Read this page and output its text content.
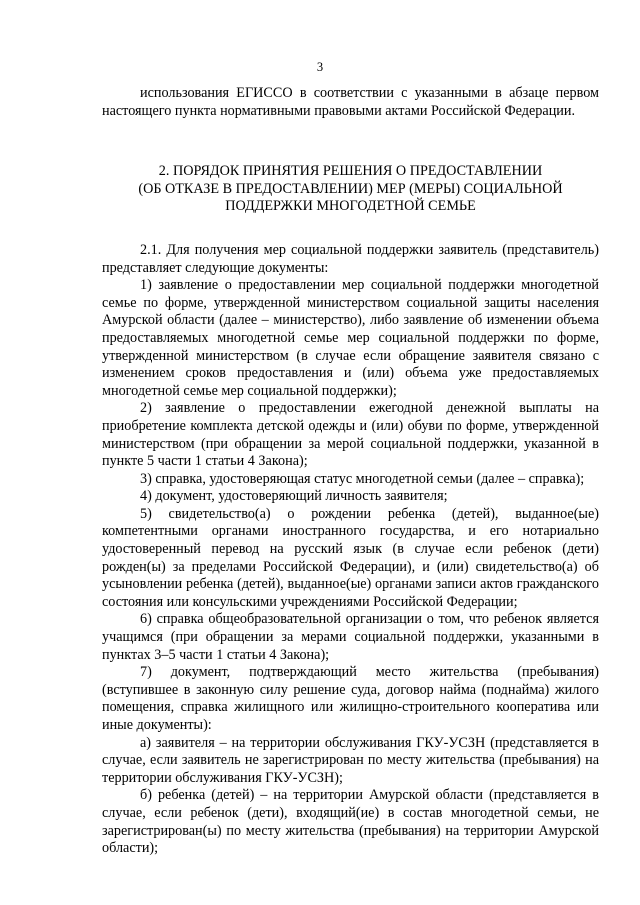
3

использования ЕГИССО в соответствии с указанными в абзаце первом настоящего пункта нормативными правовыми актами Российской Федерации.

2. ПОРЯДОК ПРИНЯТИЯ РЕШЕНИЯ О ПРЕДОСТАВЛЕНИИ
(ОБ ОТКАЗЕ В ПРЕДОСТАВЛЕНИИ) МЕР (МЕРЫ) СОЦИАЛЬНОЙ
ПОДДЕРЖКИ МНОГОДЕТНОЙ СЕМЬЕ

2.1. Для получения мер социальной поддержки заявитель (представитель) представляет следующие документы:

1) заявление о предоставлении мер социальной поддержки многодетной семье по форме, утвержденной министерством социальной защиты населения Амурской области (далее – министерство), либо заявление об изменении объема предоставляемых многодетной семье мер социальной поддержки по форме, утвержденной министерством (в случае если обращение заявителя связано с изменением сроков предоставления и (или) объема уже предоставляемых многодетной семье мер социальной поддержки);

2) заявление о предоставлении ежегодной денежной выплаты на приобретение комплекта детской одежды и (или) обуви по форме, утвержденной министерством (при обращении за мерой социальной поддержки, указанной в пункте 5 части 1 статьи 4 Закона);

3) справка, удостоверяющая статус многодетной семьи (далее – справка);

4) документ, удостоверяющий личность заявителя;

5) свидетельство(а) о рождении ребенка (детей), выданное(ые) компетентными органами иностранного государства, и его нотариально удостоверенный перевод на русский язык (в случае если ребенок (дети) рожден(ы) за пределами Российской Федерации), и (или) свидетельство(а) об усыновлении ребенка (детей), выданное(ые) органами записи актов гражданского состояния или консульскими учреждениями Российской Федерации;

6) справка общеобразовательной организации о том, что ребенок является учащимся (при обращении за мерами социальной поддержки, указанными в пунктах 3–5 части 1 статьи 4 Закона);

7) документ, подтверждающий место жительства (пребывания) (вступившее в законную силу решение суда, договор найма (поднайма) жилого помещения, справка жилищного или жилищно-строительного кооператива или иные документы):

а) заявителя – на территории обслуживания ГКУ-УСЗН (представляется в случае, если заявитель не зарегистрирован по месту жительства (пребывания) на территории обслуживания ГКУ-УСЗН);

б) ребенка (детей) – на территории Амурской области (представляется в случае, если ребенок (дети), входящий(ие) в состав многодетной семьи, не зарегистрирован(ы) по месту жительства (пребывания) на территории Амурской области);
